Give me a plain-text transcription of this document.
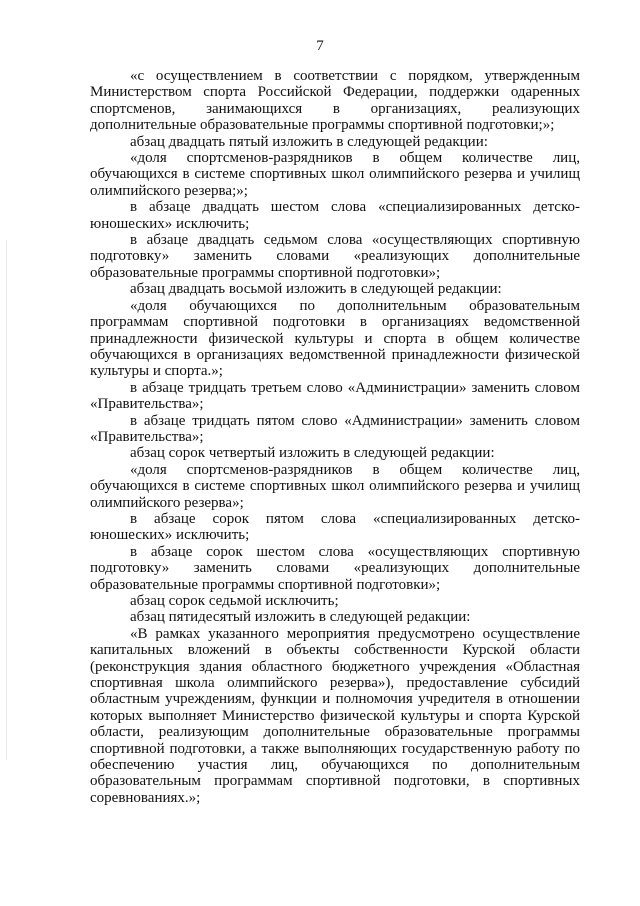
7

«с осуществлением в соответствии с порядком, утвержденным Министерством спорта Российской Федерации, поддержки одаренных спортсменов, занимающихся в организациях, реализующих дополнительные образовательные программы спортивной подготовки;»;

абзац двадцать пятый изложить в следующей редакции:

«доля спортсменов-разрядников в общем количестве лиц, обучающихся в системе спортивных школ олимпийского резерва и училищ олимпийского резерва;»;

в абзаце двадцать шестом слова «специализированных детско-юношеских» исключить;

в абзаце двадцать седьмом слова «осуществляющих спортивную подготовку» заменить словами «реализующих дополнительные образовательные программы спортивной подготовки»;

абзац двадцать восьмой изложить в следующей редакции:

«доля обучающихся по дополнительным образовательным программам спортивной подготовки в организациях ведомственной принадлежности физической культуры и спорта в общем количестве обучающихся в организациях ведомственной принадлежности физической культуры и спорта.»;

в абзаце тридцать третьем слово «Администрации» заменить словом «Правительства»;

в абзаце тридцать пятом слово «Администрации» заменить словом «Правительства»;

абзац сорок четвертый изложить в следующей редакции:

«доля спортсменов-разрядников в общем количестве лиц, обучающихся в системе спортивных школ олимпийского резерва и училищ олимпийского резерва»;

в абзаце сорок пятом слова «специализированных детско-юношеских» исключить;

в абзаце сорок шестом слова «осуществляющих спортивную подготовку» заменить словами «реализующих дополнительные образовательные программы спортивной подготовки»;

абзац сорок седьмой исключить;

абзац пятидесятый изложить в следующей редакции:

«В рамках указанного мероприятия предусмотрено осуществление капитальных вложений в объекты собственности Курской области (реконструкция здания областного бюджетного учреждения «Областная спортивная школа олимпийского резерва»), предоставление субсидий областным учреждениям, функции и полномочия учредителя в отношении которых выполняет Министерство физической культуры и спорта Курской области, реализующим дополнительные образовательные программы спортивной подготовки, а также выполняющих государственную работу по обеспечению участия лиц, обучающихся по дополнительным образовательным программам спортивной подготовки, в спортивных соревнованиях.»;
